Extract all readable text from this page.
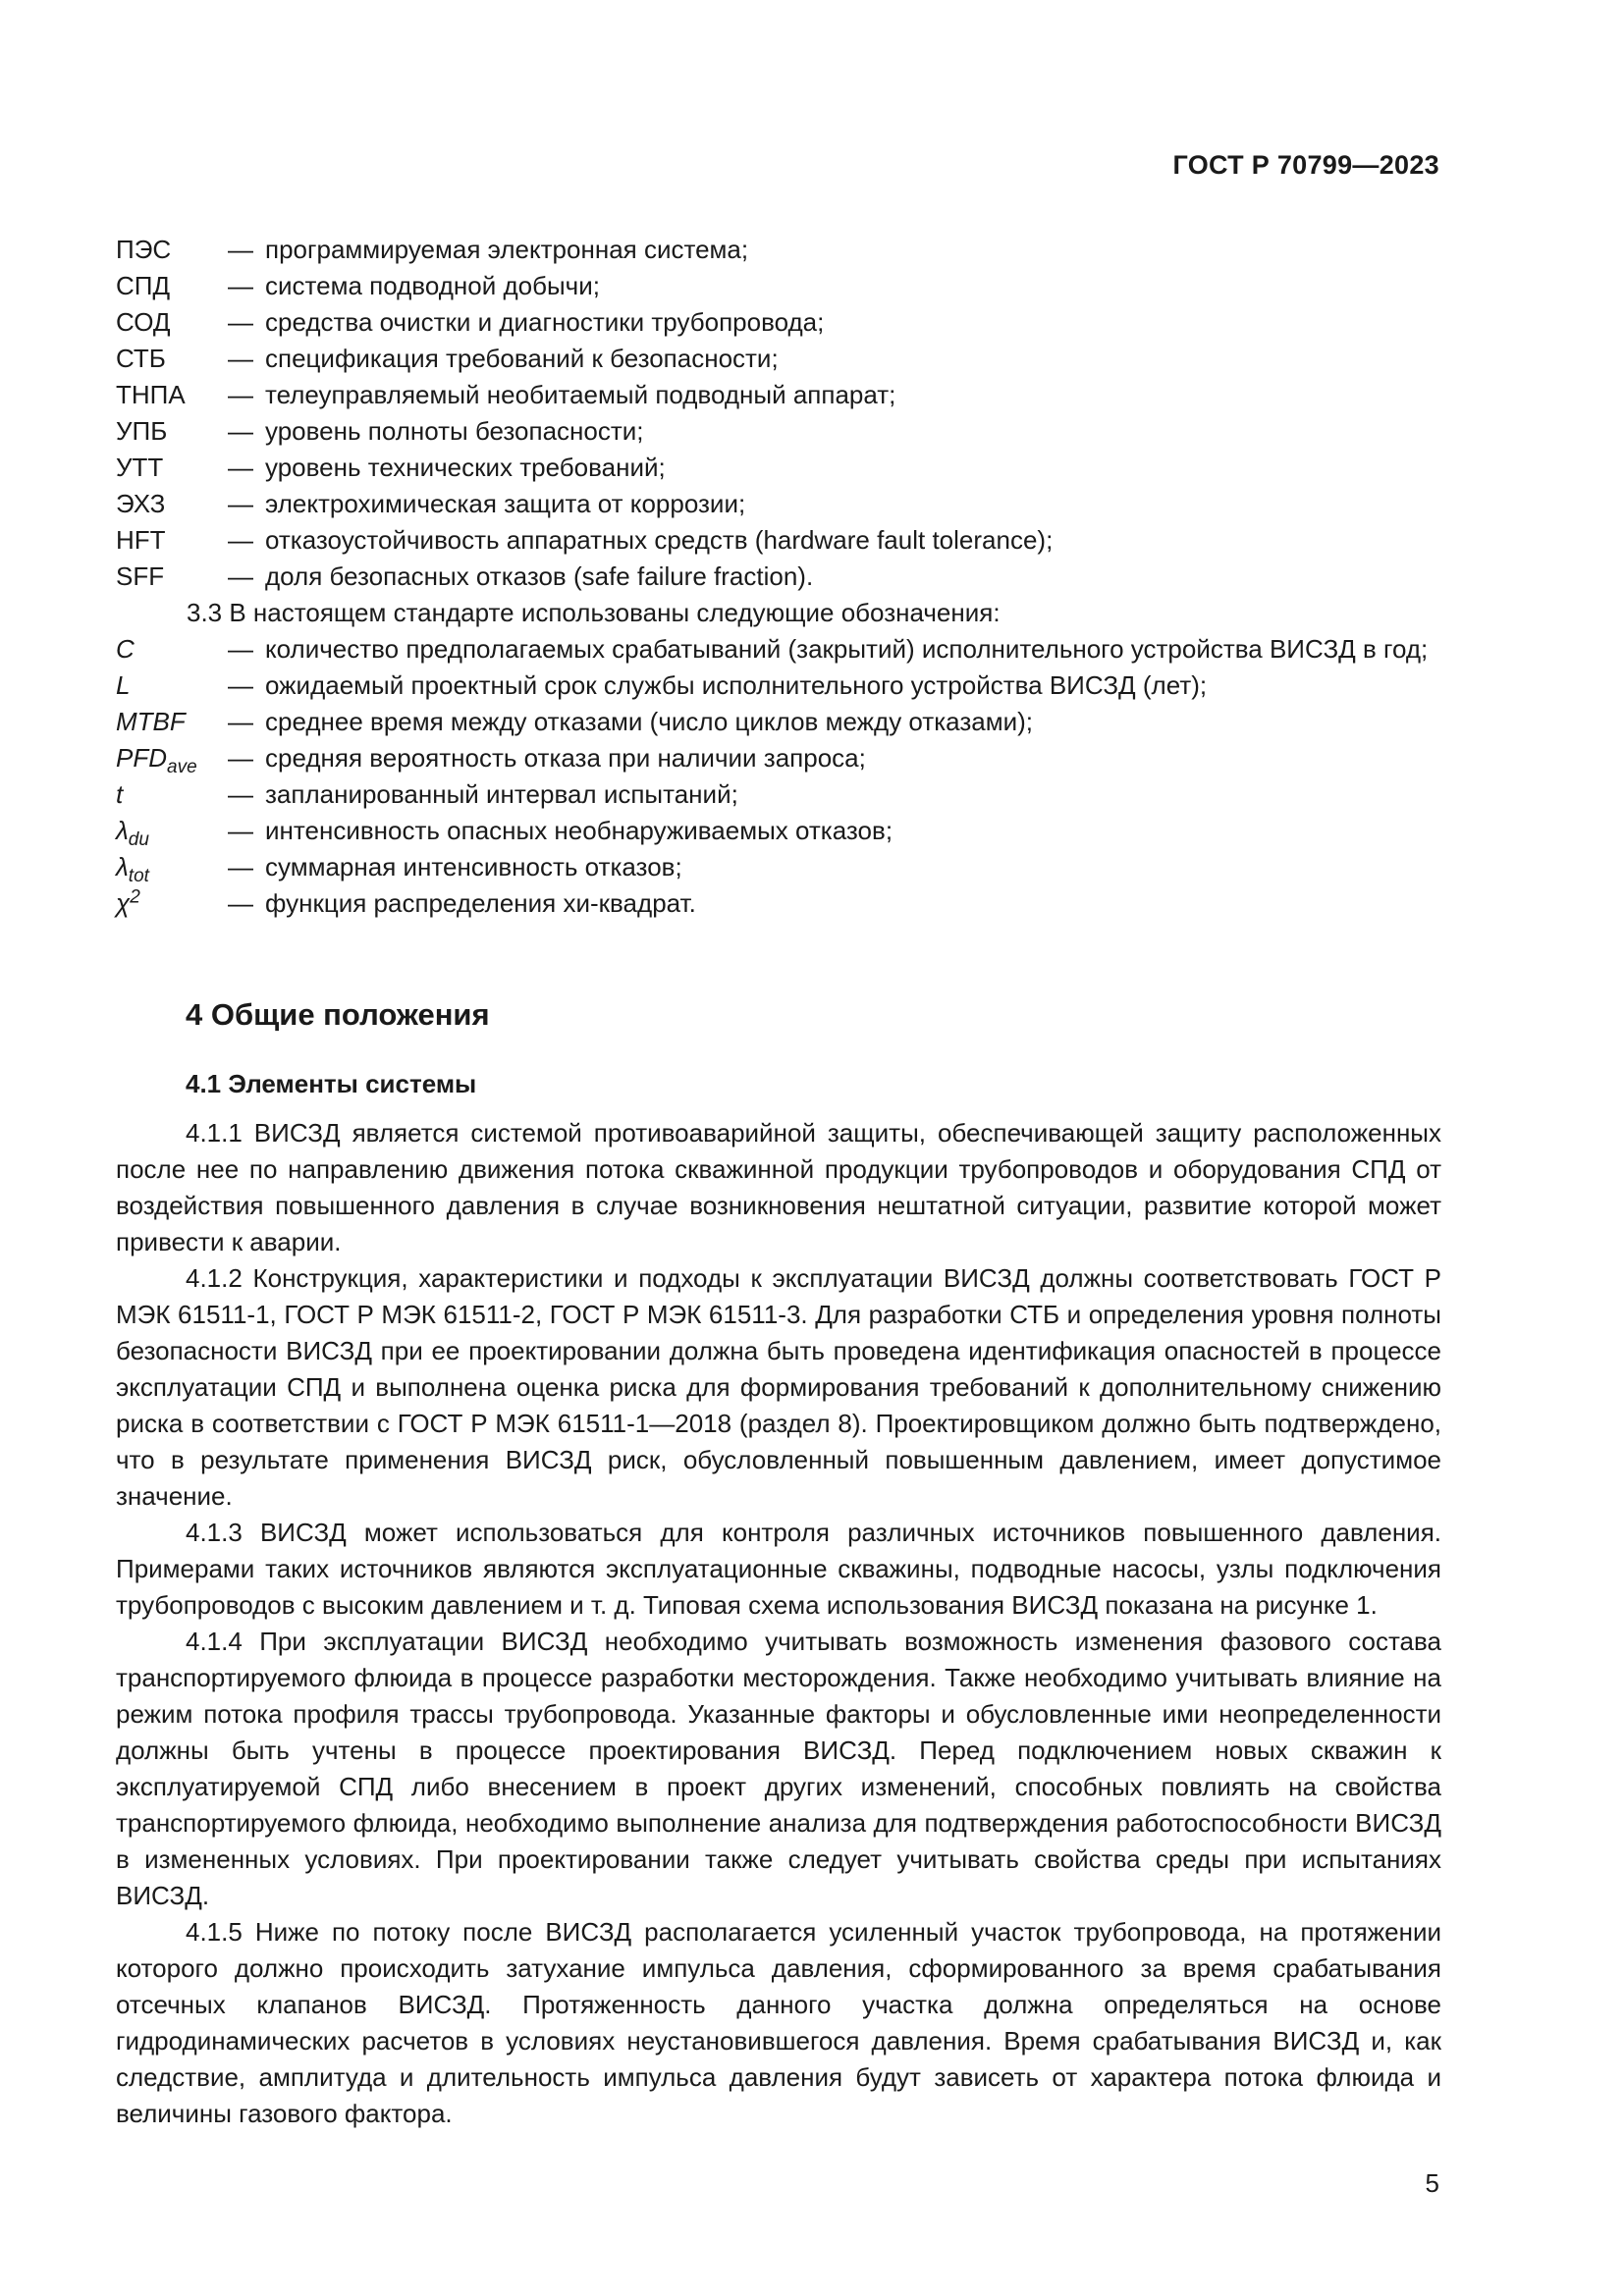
ГОСТ Р 70799—2023
ПЭС	— программируемая электронная система;
СПД	— система подводной добычи;
СОД	— средства очистки и диагностики трубопровода;
СТБ	— спецификация требований к безопасности;
ТНПА	— телеуправляемый необитаемый подводный аппарат;
УПБ	— уровень полноты безопасности;
УТТ	— уровень технических требований;
ЭХЗ	— электрохимическая защита от коррозии;
HFT	— отказоустойчивость аппаратных средств (hardware fault tolerance);
SFF	— доля безопасных отказов (safe failure fraction).
3.3 В настоящем стандарте использованы следующие обозначения:
C	— количество предполагаемых срабатываний (закрытий) исполнительного устройства ВИСЗД в год;
L	— ожидаемый проектный срок службы исполнительного устройства ВИСЗД (лет);
MTBF	— среднее время между отказами (число циклов между отказами);
$PFD_{ave}$	— средняя вероятность отказа при наличии запроса;
t	— запланированный интервал испытаний;
$\lambda_{du}$	— интенсивность опасных необнаруживаемых отказов;
$\lambda_{tot}$	— суммарная интенсивность отказов;
$\chi^2$	— функция распределения хи-квадрат.
4 Общие положения
4.1 Элементы системы

4.1.1 ВИСЗД является системой противоаварийной защиты, обеспечивающей защиту расположенных после нее по направлению движения потока скважинной продукции трубопроводов и оборудования СПД от воздействия повышенного давления в случае возникновения нештатной ситуации, развитие которой может привести к аварии.

4.1.2 Конструкция, характеристики и подходы к эксплуатации ВИСЗД должны соответствовать ГОСТ Р МЭК 61511-1, ГОСТ Р МЭК 61511-2, ГОСТ Р МЭК 61511-3. Для разработки СТБ и определения уровня полноты безопасности ВИСЗД при ее проектировании должна быть проведена идентификация опасностей в процессе эксплуатации СПД и выполнена оценка риска для формирования требований к дополнительному снижению риска в соответствии с ГОСТ Р МЭК 61511-1—2018 (раздел 8). Проектировщиком должно быть подтверждено, что в результате применения ВИСЗД риск, обусловленный повышенным давлением, имеет допустимое значение.

4.1.3 ВИСЗД может использоваться для контроля различных источников повышенного давления. Примерами таких источников являются эксплуатационные скважины, подводные насосы, узлы подключения трубопроводов с высоким давлением и т. д. Типовая схема использования ВИСЗД показана на рисунке 1.

4.1.4 При эксплуатации ВИСЗД необходимо учитывать возможность изменения фазового состава транспортируемого флюида в процессе разработки месторождения. Также необходимо учитывать влияние на режим потока профиля трассы трубопровода. Указанные факторы и обусловленные ими неопределенности должны быть учтены в процессе проектирования ВИСЗД. Перед подключением новых скважин к эксплуатируемой СПД либо внесением в проект других изменений, способных повлиять на свойства транспортируемого флюида, необходимо выполнение анализа для подтверждения работоспособности ВИСЗД в измененных условиях. При проектировании также следует учитывать свойства среды при испытаниях ВИСЗД.

4.1.5 Ниже по потоку после ВИСЗД располагается усиленный участок трубопровода, на протяжении которого должно происходить затухание импульса давления, сформированного за время срабатывания отсечных клапанов ВИСЗД. Протяженность данного участка должна определяться на основе гидродинамических расчетов в условиях неустановившегося давления. Время срабатывания ВИСЗД и, как следствие, амплитуда и длительность импульса давления будут зависеть от характера потока флюида и величины газового фактора.

5
